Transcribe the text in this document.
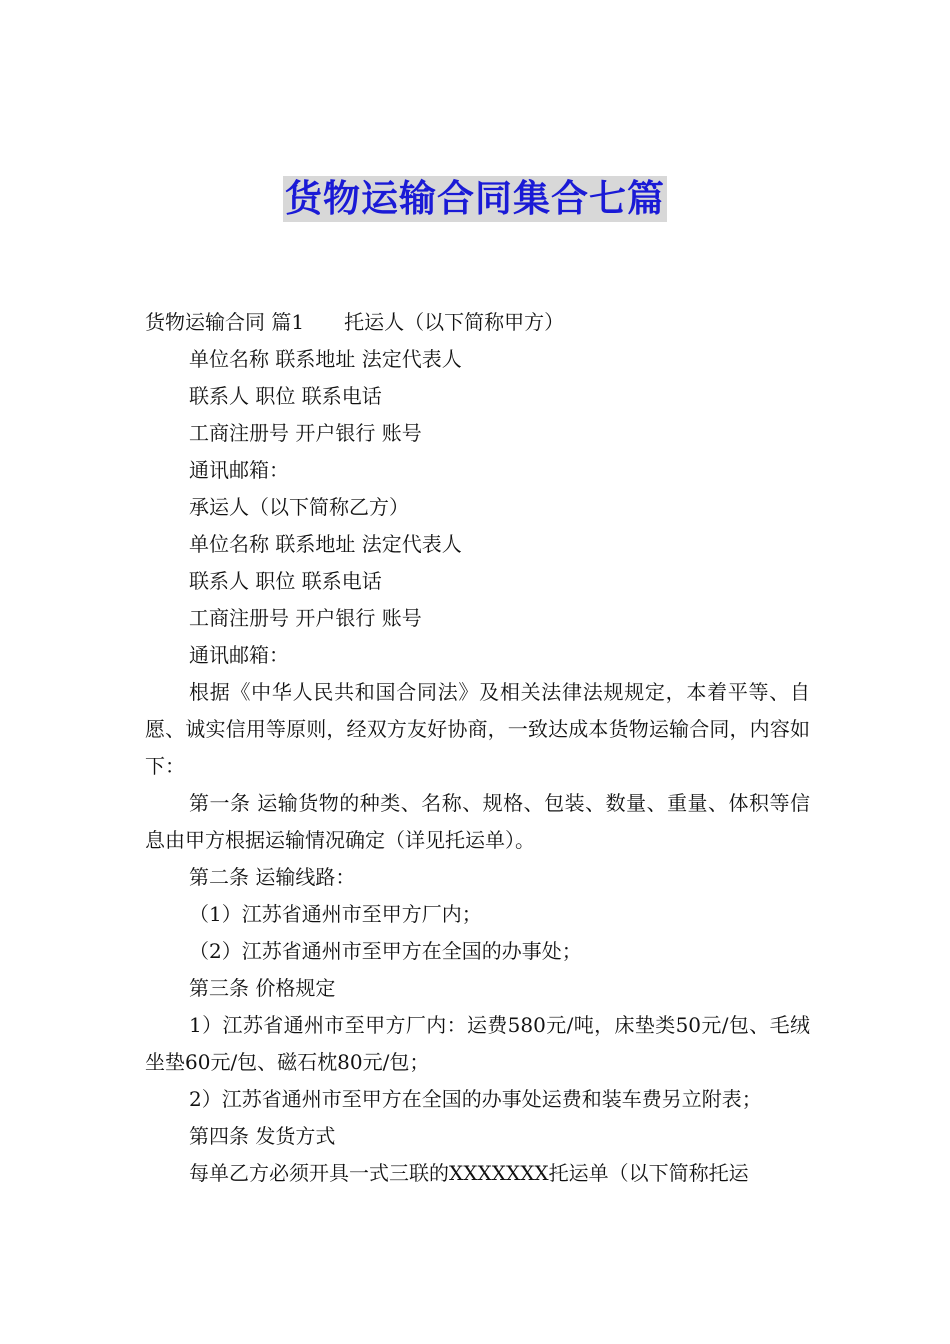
货物运输合同集合七篇
货物运输合同 篇1 托运人（以下简称甲方）
单位名称 联系地址 法定代表人
联系人 职位 联系电话
工商注册号 开户银行 账号
通讯邮箱：
承运人（以下简称乙方）
单位名称 联系地址 法定代表人
联系人 职位 联系电话
工商注册号 开户银行 账号
通讯邮箱：
根据《中华人民共和国合同法》及相关法律法规规定，本着平等、自愿、诚实信用等原则，经双方友好协商，一致达成本货物运输合同，内容如下：
第一条 运输货物的种类、名称、规格、包装、数量、重量、体积等信息由甲方根据运输情况确定（详见托运单）。
第二条 运输线路：
（1）江苏省通州市至甲方厂内；
（2）江苏省通州市至甲方在全国的办事处；
第三条 价格规定
1）江苏省通州市至甲方厂内：运费580元/吨，床垫类50元/包、毛绒坐垫60元/包、磁石枕80元/包；
2）江苏省通州市至甲方在全国的办事处运费和装车费另立附表；
第四条 发货方式
每单乙方必须开具一式三联的XXXXXXX托运单（以下简称托运
